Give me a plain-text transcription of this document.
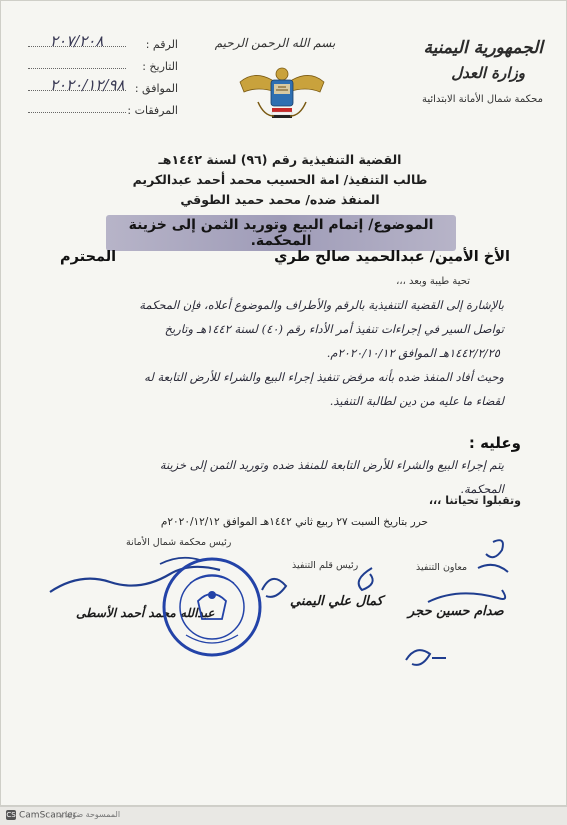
الجمهورية اليمنية
وزارة العدل
محكمة شمال الأمانة الابتدائية
بسم الله الرحمن الرحيم
الرقم :
٢٠٧/٢٠٨
التاريخ :
الموافق :
٢٠٢٠/١٢/٩٨
المرفقات :
القضية التنفيذية رقم (٩٦) لسنة ١٤٤٢هـ
طالب التنفيذ/ امة الحسيب محمد أحمد عبدالكريم
المنفذ ضده/ محمد حميد الطوقي
الموضوع/ إتمام البيع وتوريد الثمن إلى خزينة المحكمة.
الأخ الأمين/ عبدالحميد صالح طري
المحترم
تحية طيبة وبعد ،،،
بالإشارة إلى القضية التنفيذية بالرقم والأطراف والموضوع أعلاه، فإن المحكمة
تواصل السير في إجراءات تنفيذ أمر الأداء رقم (٤٠) لسنة ١٤٤٢هـ وتاريخ
١٤٤٢/٢/٢٥هـ الموافق ٢٠٢٠/١٠/١٢م.
وحيث أفاد المنفذ ضده بأنه مرفض تنفيذ إجراء البيع والشراء للأرض التابعة له
لقضاء ما عليه من دين لطالبة التنفيذ.
وعليه :
يتم إجراء البيع والشراء للأرض التابعة للمنفذ ضده وتوريد الثمن إلى خزينة
المحكمة.
وتقبلوا تحياتنا ،،،
حرر بتاريخ السبت ٢٧ ربيع ثاني ١٤٤٢هـ الموافق ٢٠٢٠/١٢/١٢م
معاون التنفيذ
رئيس قلم التنفيذ
رئيس محكمة شمال الأمانة
صدام حسين حجر
كمال علي اليمني
عبدالله محمد أحمد الأسطى
CS CamScanner
الممسوحة ضوئيا بـ
